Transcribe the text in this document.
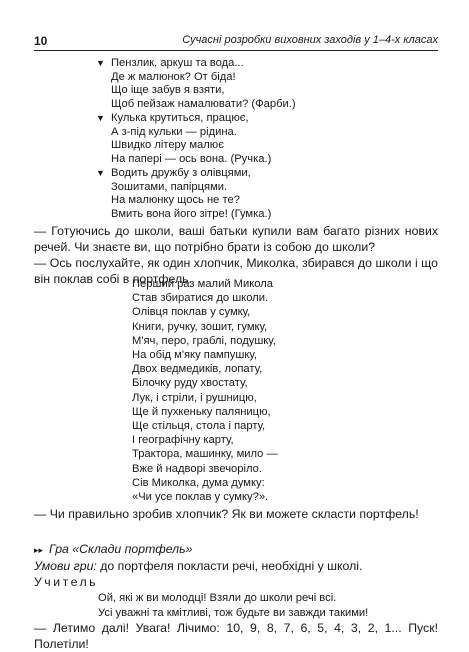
10	Сучасні розробки виховних заходів у 1–4-х класах
▼ Пензлик, аркуш та вода...
Де ж малюнок? От біда!
Що іще забув я взяти,
Щоб пейзаж намалювати? (Фарби.)
▼ Кулька крутиться, працює,
А з-під кульки — рідина.
Швидко літеру малює
На папері — ось вона. (Ручка.)
▼ Водить дружбу з олівцями,
Зошитами, папірцями.
На малюнку щось не те?
Вмить вона його зітре! (Гумка.)
— Готуючись до школи, ваші батьки купили вам багато різних нових речей. Чи знаєте ви, що потрібно брати із собою до школи?
— Ось послухайте, як один хлопчик, Миколка, збирався до школи і що він поклав собі в портфель.
Перший раз малий Микола
Став збиратися до школи.
Олівця поклав у сумку,
Книги, ручку, зошит, гумку,
М'яч, перо, граблі, подушку,
На обід м'яку пампушку,
Двох ведмедиків, лопату,
Білочку руду хвостату,
Лук, і стріли, і рушницю,
Ще й пухкеньку паляницю,
Ще стільця, стола і парту,
І географічну карту,
Трактора, машинку, мило —
Вже й надворі звечоріло.
Сів Миколка, дума думку:
«Чи усе поклав у сумку?».
— Чи правильно зробив хлопчик? Як ви можете скласти портфель!
▸▸ Гра «Склади портфель»
Умови гри: до портфеля покласти речі, необхідні у школі.
Учитель
Ой, які ж ви молодці! Взяли до школи речі всі.
Усі уважні та кмітливі, тож будьте ви завжди такими!
— Летимо далі! Увага! Лічимо: 10, 9, 8, 7, 6, 5, 4, 3, 2, 1... Пуск! Полетіли!
